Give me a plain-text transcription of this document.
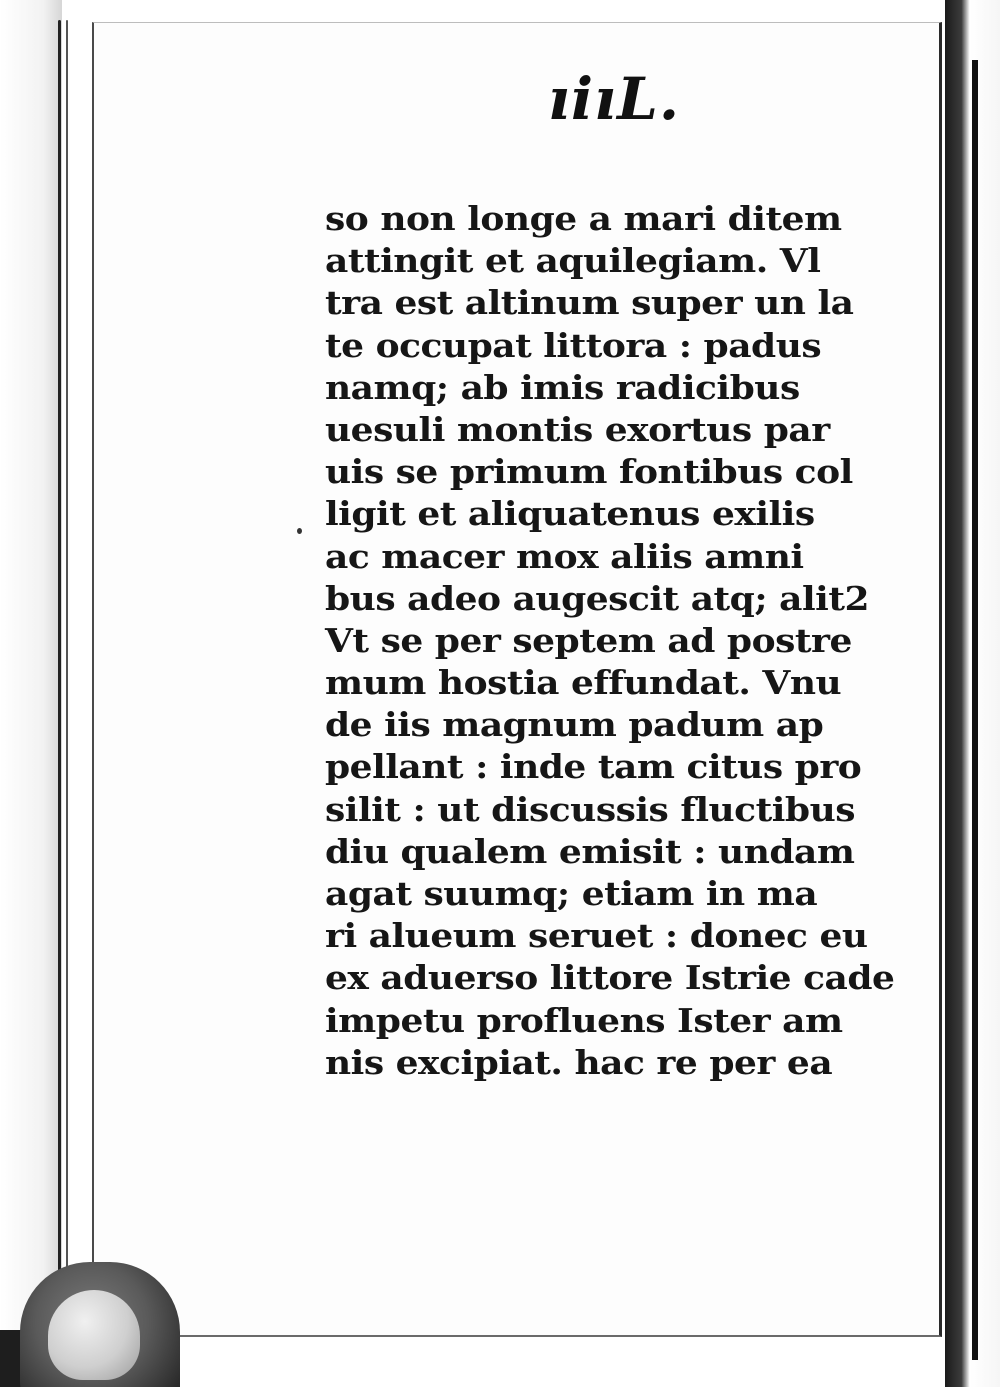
ıiıL.
so non longe a mari ditem
attingit et aquilegiam. Vl
tra est altinum super un la
te occupat littora : padus
namq; ab imis radicibus
uesuli montis exortus par
uis se primum fontibus col
ligit et aliquatenus exilis
ac macer mox aliis amni
bus adeo augescit atq; alit2
Vt se per septem ad postre
mum hostia effundat. Vnu
de iis magnum padum ap
pellant : inde tam citus pro
silit : ut discussis fluctibus
diu qualem emisit : undam
agat suumq; etiam in ma
ri alueum seruet : donec eu
ex aduerso littore Istrie cade
impetu profluens Ister am
nis excipiat. hac re per ea
